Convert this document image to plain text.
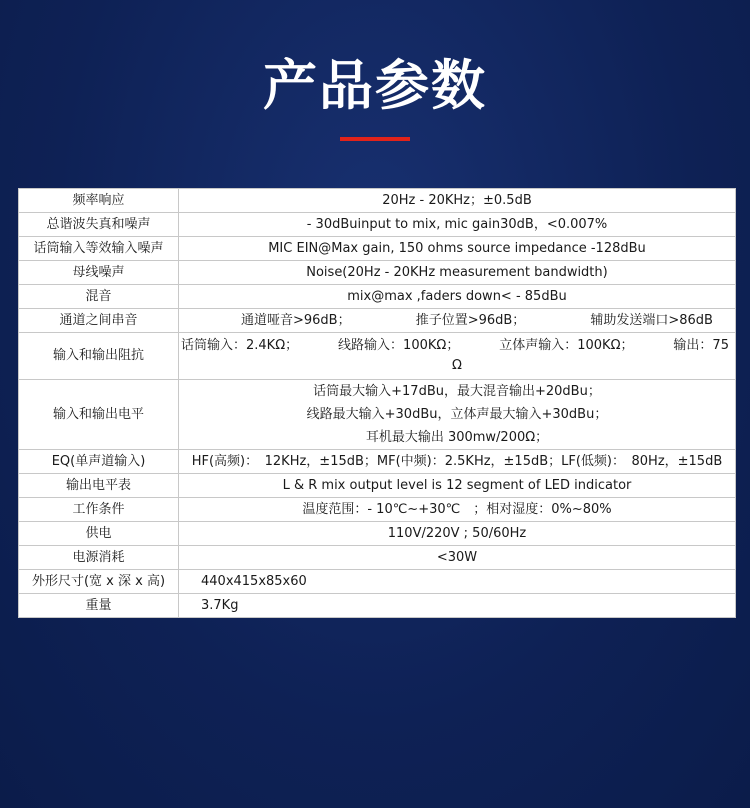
产品参数
频率响应	20Hz - 20KHz；±0.5dB
总谐波失真和噪声	- 30dBuinput to mix, mic gain30dB，<0.007%
话筒输入等效输入噪声	MIC EIN@Max gain, 150 ohms source impedance -128dBu
母线噪声	Noise(20Hz - 20KHz measurement bandwidth)
混音	mix@max ,faders down< - 85dBu
通道之间串音	通道哑音>96dB； 推子位置>96dB； 辅助发送端口>86dB

输入和输出阻抗	话筒输入：2.4KΩ； 线路输入：100KΩ； 立体声输入：100KΩ； 输出：75
Ω

输入和输出电平	话筒最大输入+17dBu，最大混音输出+20dBu；
线路最大输入+30dBu，立体声最大输入+30dBu；
耳机最大输出 300mw/200Ω；

EQ(单声道输入)	HF(高频)：　12KHz，±15dB；MF(中频)：2.5KHz，±15dB；LF(低频)：　80Hz，±15dB
输出电平表	L & R mix output level is 12 segment of LED indicator
工作条件	温度范围：- 10℃~+30℃　；相对湿度：0%~80%
供电	110V/220V ; 50/60Hz
电源消耗	<30W
外形尺寸(宽 x 深 x 高)	440x415x85x60
重量	3.7Kg
